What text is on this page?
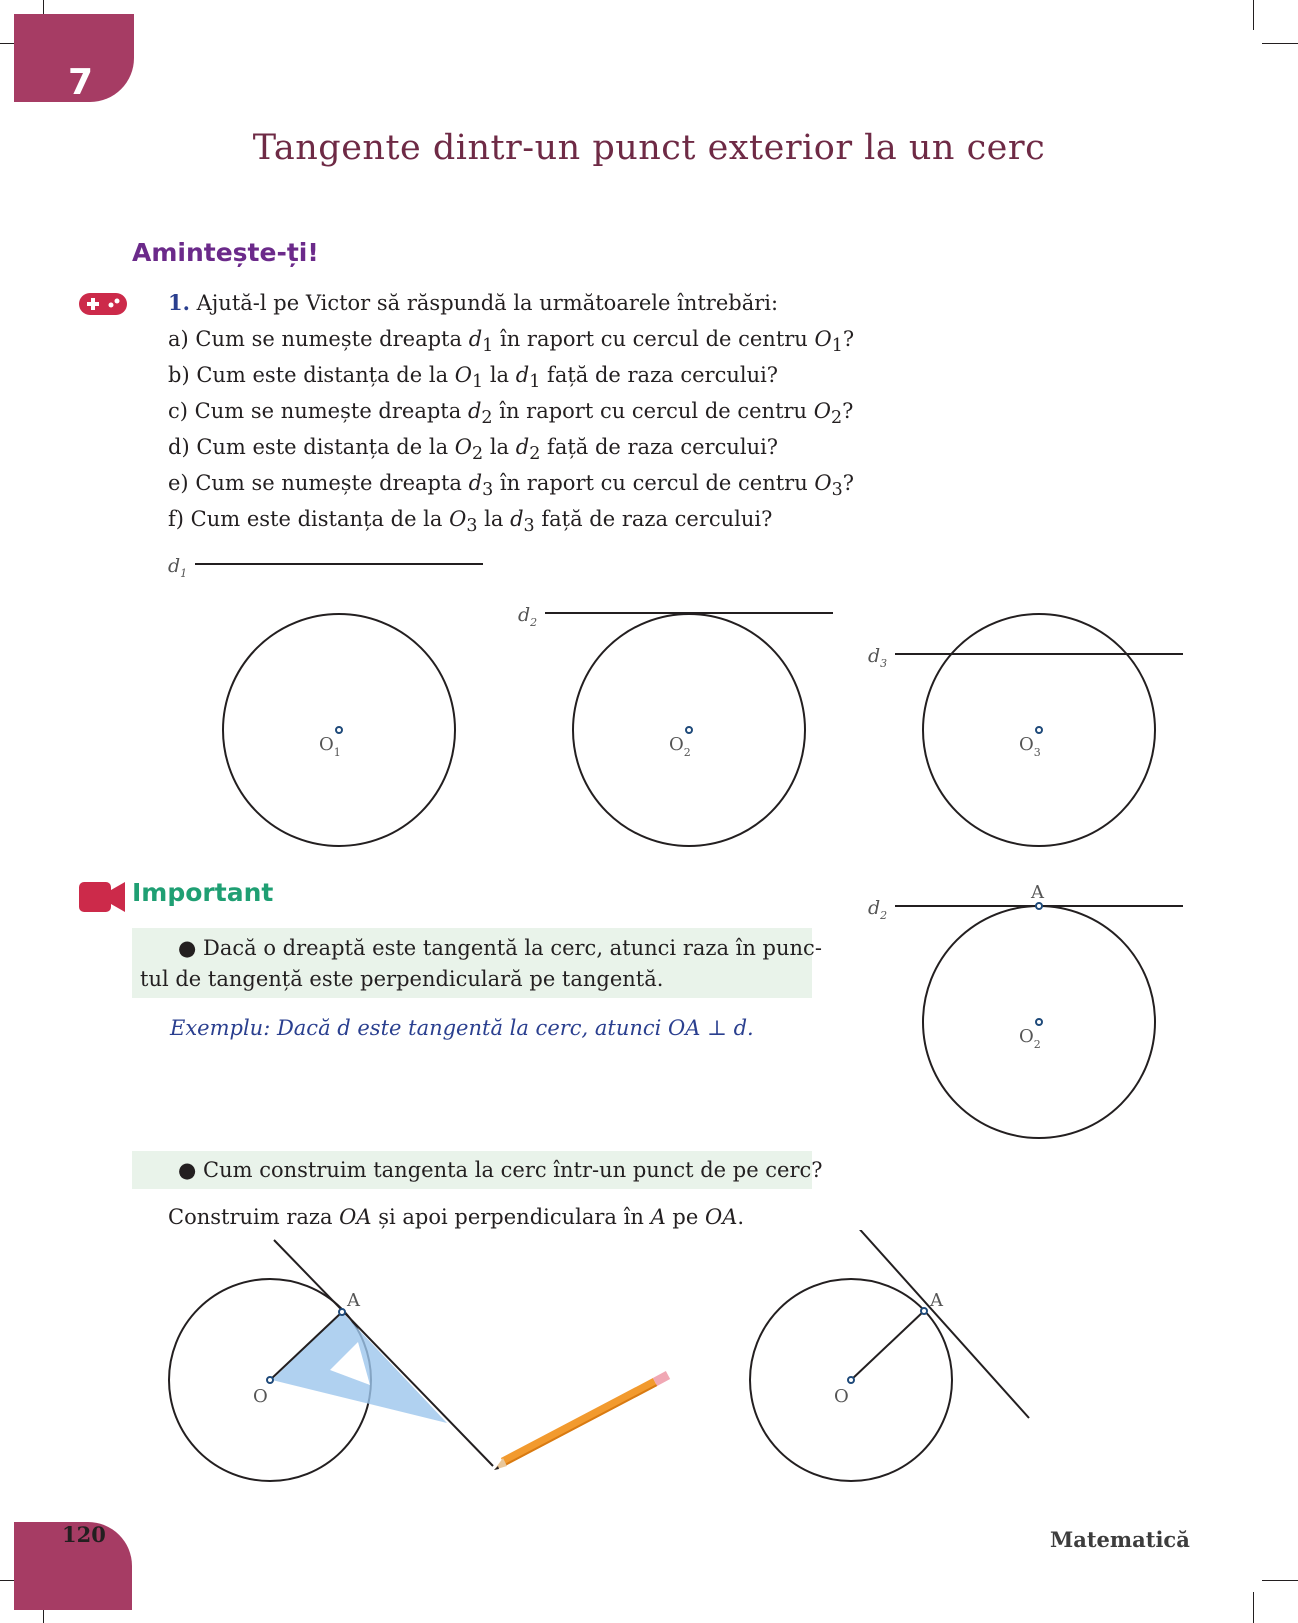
7
Tangente dintr-un punct exterior la un cerc
Amintește-ți!
1. Ajută-l pe Victor să răspundă la următoarele întrebări:
a) Cum se numește dreapta $d_1$ în raport cu cercul de centru $O_1$?
b) Cum este distanța de la $O_1$ la $d_1$ față de raza cercului?
c) Cum se numește dreapta $d_2$ în raport cu cercul de centru $O_2$?
d) Cum este distanța de la $O_2$ la $d_2$ față de raza cercului?
e) Cum se numește dreapta $d_3$ în raport cu cercul de centru $O_3$?
f) Cum este distanța de la $O_3$ la $d_3$ față de raza cercului?
$d_1$
$O_1$
$d_2$
$O_2$
$d_3$
$O_3$
Important
● Dacă o dreaptă este tangentă la cerc, atunci raza în punc-
tul de tangență este perpendiculară pe tangentă.
Exemplu: Dacă d este tangentă la cerc, atunci OA ⊥ d.
$d_2$
A
$O_2$
● Cum construim tangenta la cerc într-un punct de pe cerc?
Construim raza OA și apoi perpendiculara în A pe OA.
O
A
O
A
120	Matematică
